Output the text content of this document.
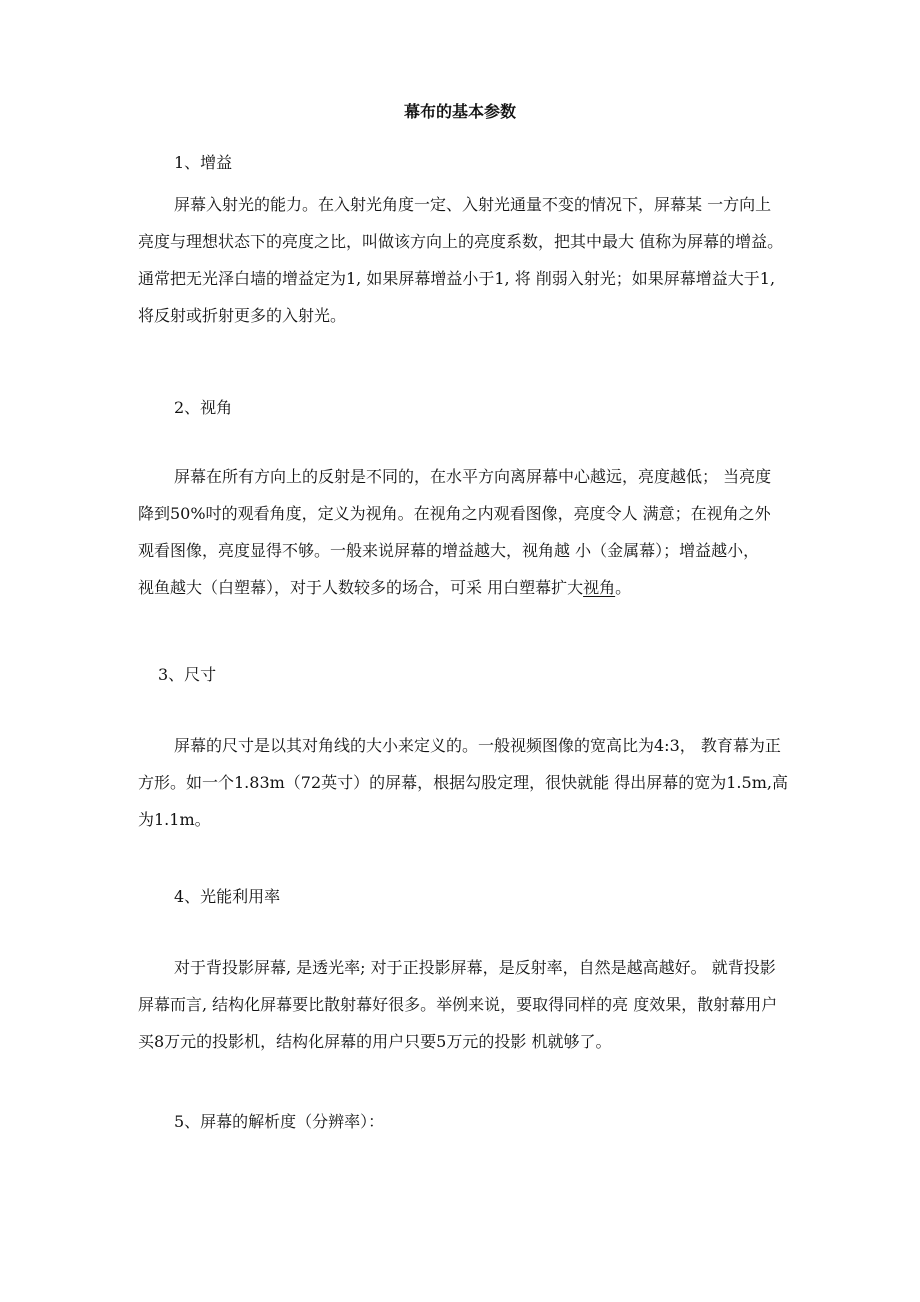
幕布的基本参数
1、增益
屏幕入射光的能力。在入射光角度一定、入射光通量不变的情况下，屏幕某 一方向上
亮度与理想状态下的亮度之比，叫做该方向上的亮度系数，把其中最大 值称为屏幕的增益。
通常把无光泽白墙的增益定为1, 如果屏幕增益小于1, 将 削弱入射光；如果屏幕增益大于1,
将反射或折射更多的入射光。
2、视角
屏幕在所有方向上的反射是不同的，在水平方向离屏幕中心越远，亮度越低； 当亮度
降到50%吋的观看角度，定义为视角。在视角之内观看图像，亮度令人 满意；在视角之外
观看图像，亮度显得不够。一般来说屏幕的增益越大，视角越 小（金属幕）；增益越小，
视鱼越大（白塑幕），对于人数较多的场合，可采 用白塑幕扩大视角。
3、尺寸
屏幕的尺寸是以其对角线的大小来定义的。一般视频图像的宽高比为4:3， 教育幕为正
方形。如一个1.83m（72英寸）的屏幕，根据勾股定理，很快就能 得出屏幕的宽为1.5m,高
为1.1m。
4、光能利用率
对于背投影屏幕, 是透光率; 对于正投影屏幕，是反射率，自然是越高越好。 就背投影
屏幕而言, 结构化屏幕要比散射幕好很多。举例来说，要取得同样的亮 度效果，散射幕用户
买8万元的投影机，结构化屏幕的用户只要5万元的投影 机就够了。
5、屏幕的解析度（分辨率）：
